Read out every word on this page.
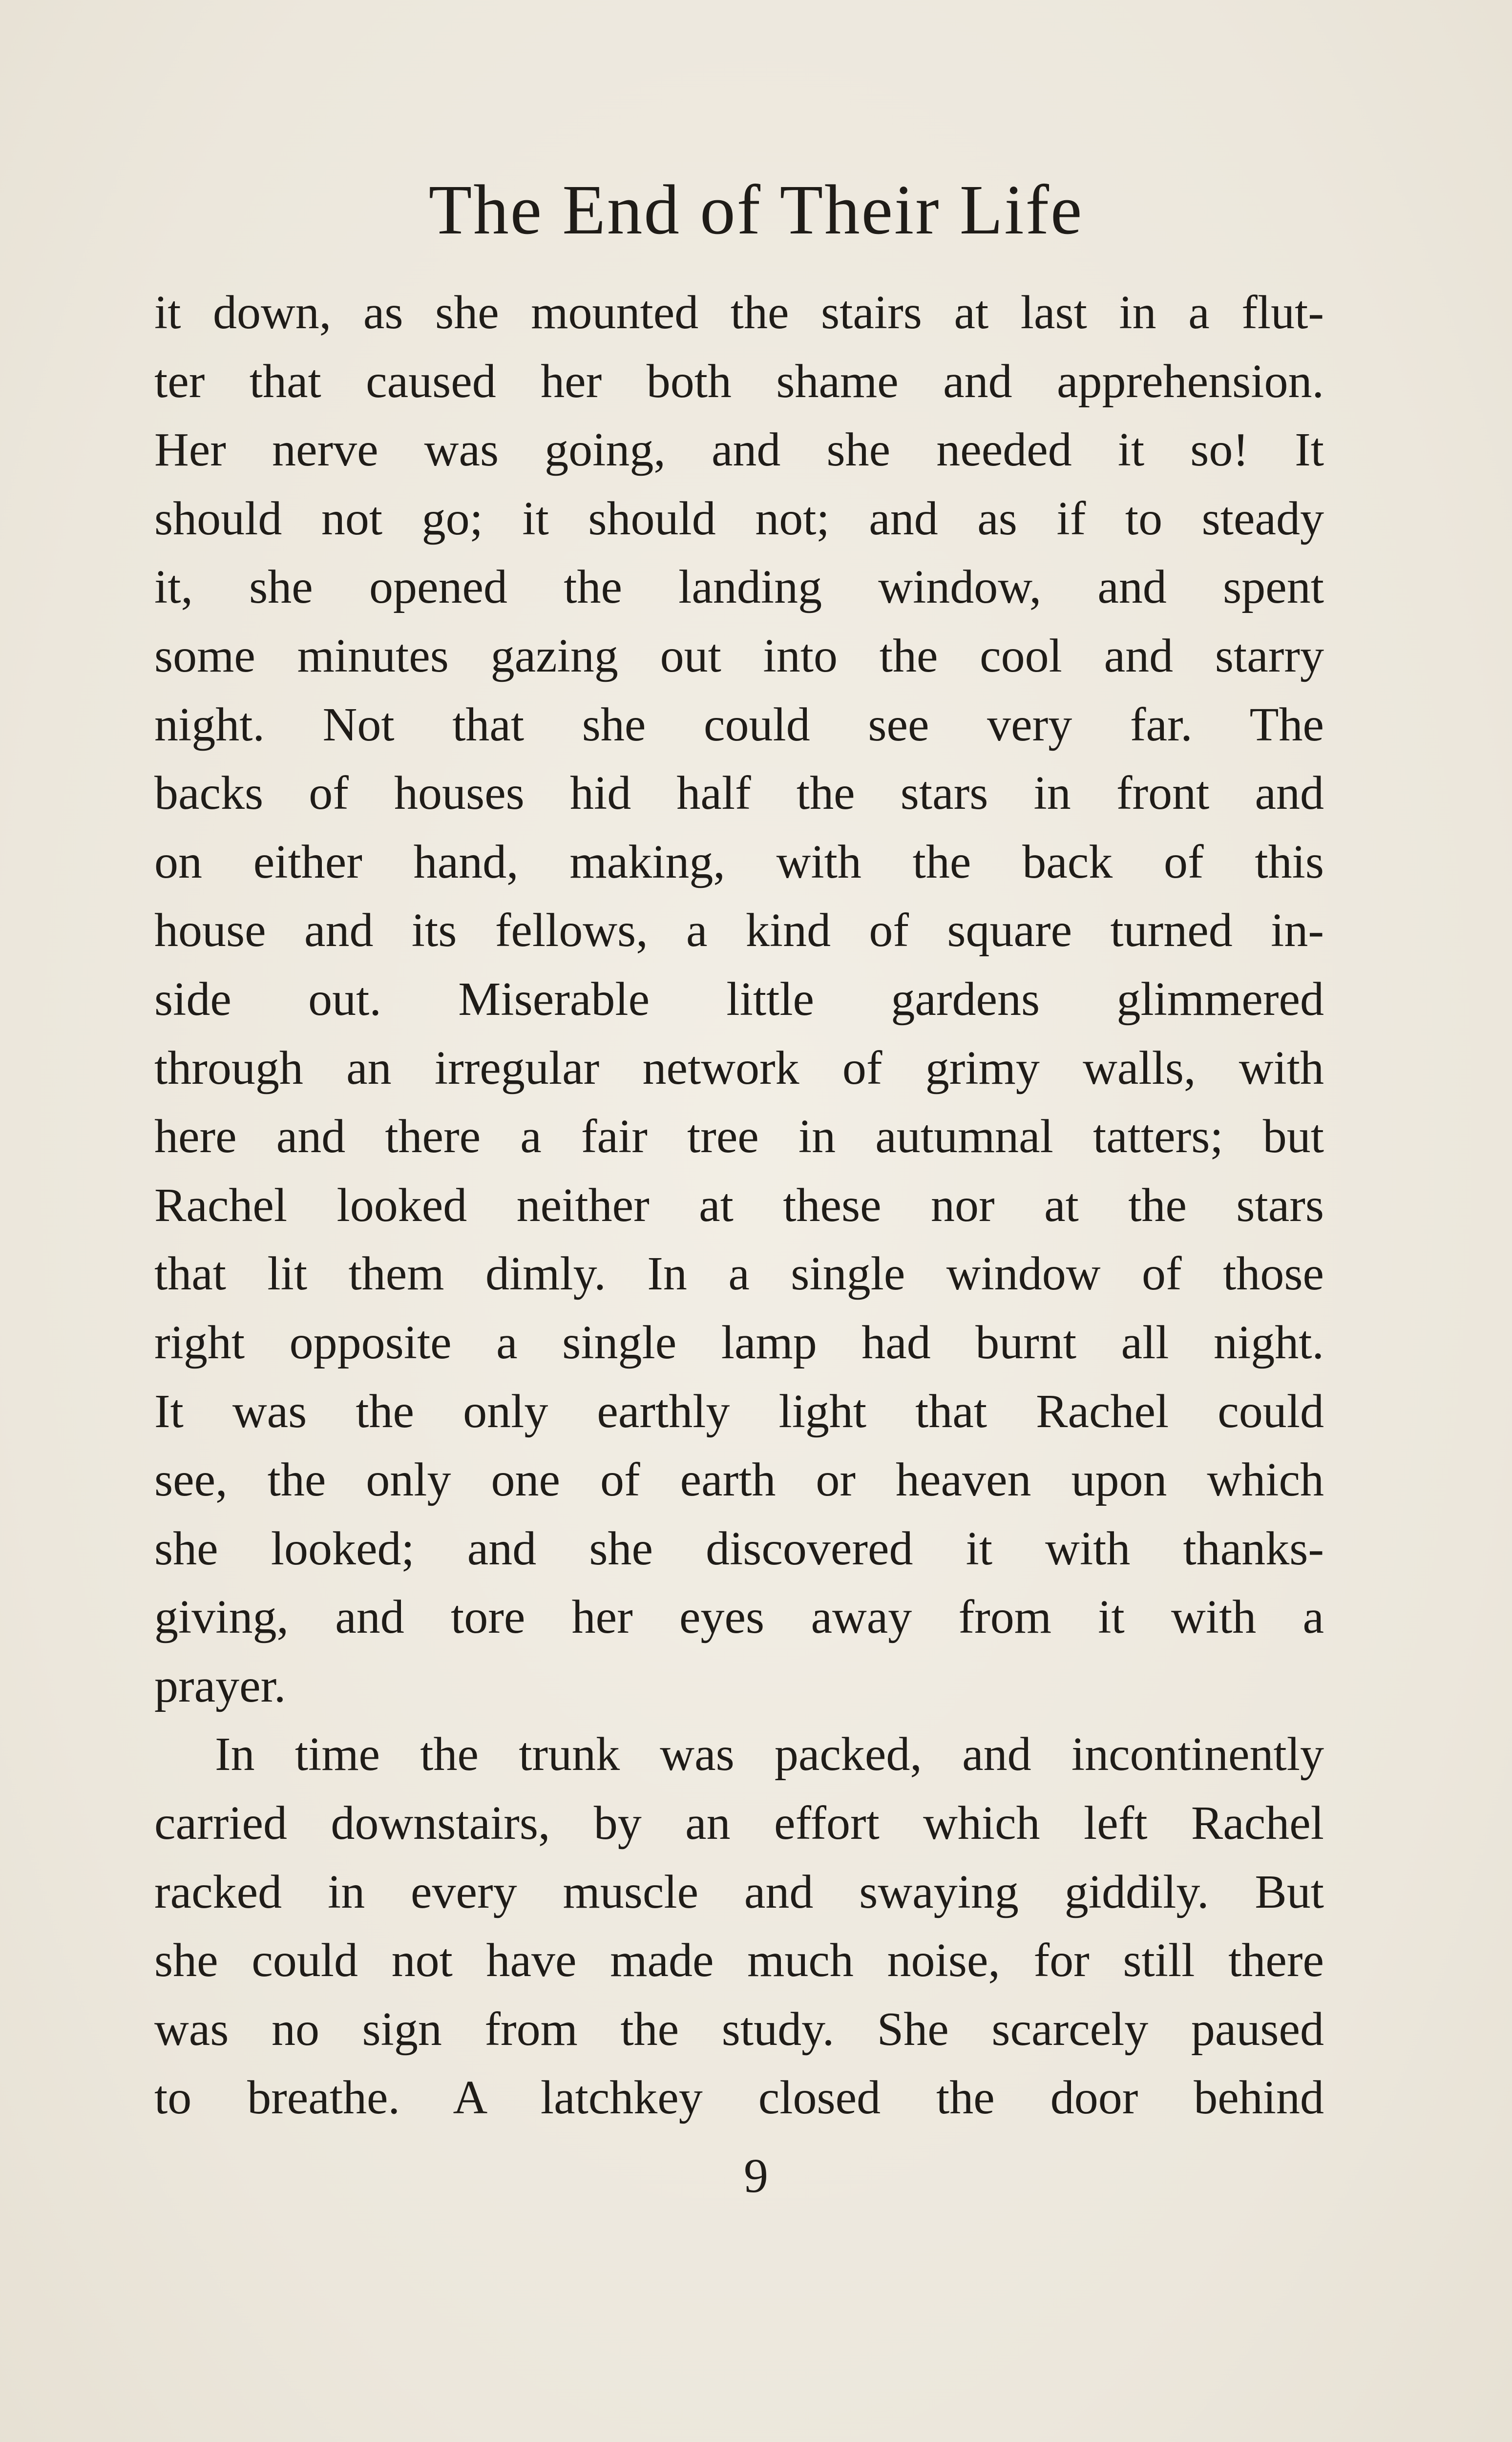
The End of Their Life
it down, as she mounted the stairs at last in a flut-
ter that caused her both shame and apprehension.
Her nerve was going, and she needed it so! It
should not go; it should not; and as if to steady
it, she opened the landing window, and spent
some minutes gazing out into the cool and starry
night. Not that she could see very far. The
backs of houses hid half the stars in front and
on either hand, making, with the back of this
house and its fellows, a kind of square turned in-
side out. Miserable little gardens glimmered
through an irregular network of grimy walls, with
here and there a fair tree in autumnal tatters; but
Rachel looked neither at these nor at the stars
that lit them dimly. In a single window of those
right opposite a single lamp had burnt all night.
It was the only earthly light that Rachel could
see, the only one of earth or heaven upon which
she looked; and she discovered it with thanks-
giving, and tore her eyes away from it with a
prayer.
In time the trunk was packed, and incontinently
carried downstairs, by an effort which left Rachel
racked in every muscle and swaying giddily. But
she could not have made much noise, for still there
was no sign from the study. She scarcely paused
to breathe. A latchkey closed the door behind
9
